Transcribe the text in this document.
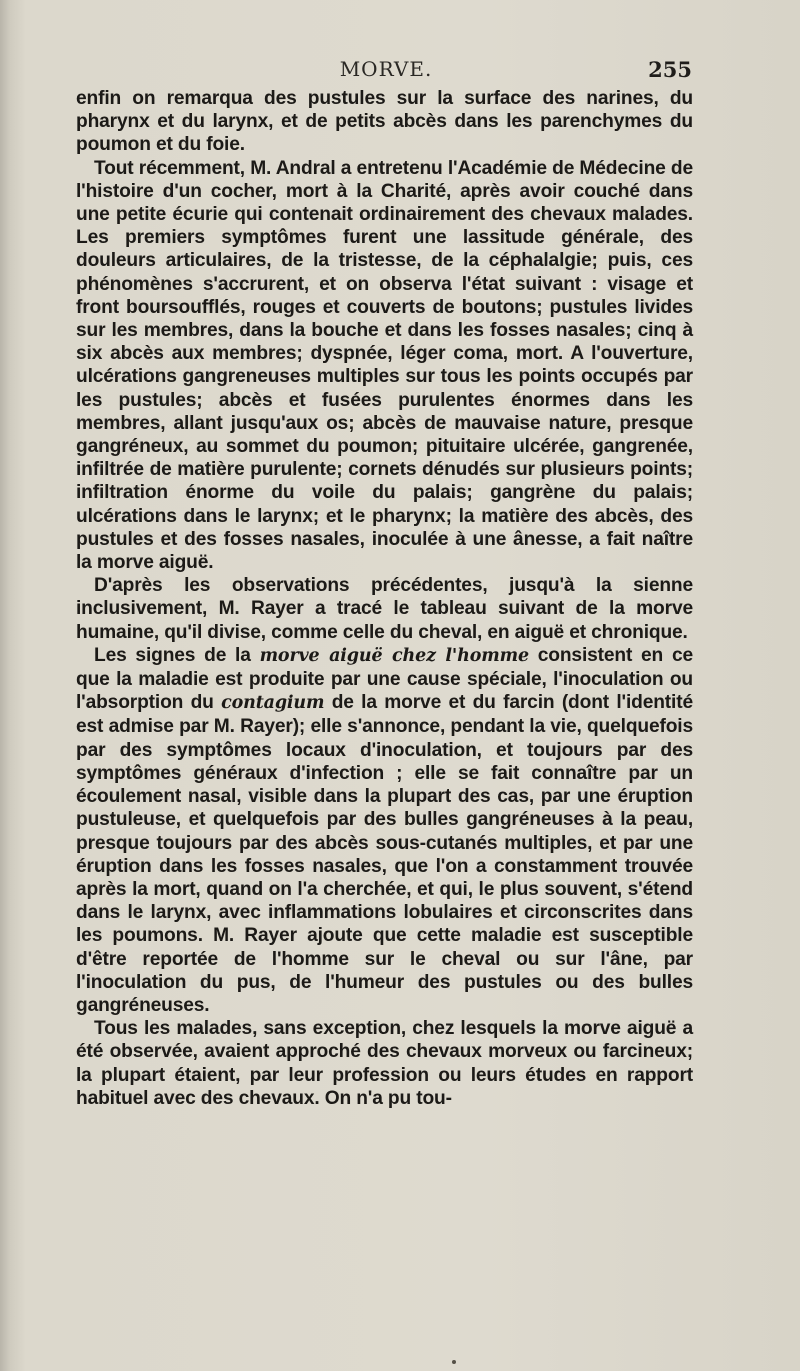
MORVE.	255

enfin on remarqua des pustules sur la surface des narines, du pharynx et du larynx, et de petits abcès dans les parenchymes du poumon et du foie.

Tout récemment, M. Andral a entretenu l'Académie de Médecine de l'histoire d'un cocher, mort à la Charité, après avoir couché dans une petite écurie qui contenait ordinairement des chevaux malades. Les premiers symptômes furent une lassitude générale, des douleurs articulaires, de la tristesse, de la céphalalgie; puis, ces phénomènes s'accrurent, et on observa l'état suivant : visage et front boursoufflés, rouges et couverts de boutons; pustules livides sur les membres, dans la bouche et dans les fosses nasales; cinq à six abcès aux membres; dyspnée, léger coma, mort. A l'ouverture, ulcérations gangreneuses multiples sur tous les points occupés par les pustules; abcès et fusées purulentes énormes dans les membres, allant jusqu'aux os; abcès de mauvaise nature, presque gangréneux, au sommet du poumon; pituitaire ulcérée, gangrenée, infiltrée de matière purulente; cornets dénudés sur plusieurs points; infiltration énorme du voile du palais; gangrène du palais; ulcérations dans le larynx; et le pharynx; la matière des abcès, des pustules et des fosses nasales, inoculée à une ânesse, a fait naître la morve aiguë.

D'après les observations précédentes, jusqu'à la sienne inclusivement, M. Rayer a tracé le tableau suivant de la morve humaine, qu'il divise, comme celle du cheval, en aiguë et chronique.

Les signes de la morve aiguë chez l'homme consistent en ce que la maladie est produite par une cause spéciale, l'inoculation ou l'absorption du contagium de la morve et du farcin (dont l'identité est admise par M. Rayer); elle s'annonce, pendant la vie, quelquefois par des symptômes locaux d'inoculation, et toujours par des symptômes généraux d'infection ; elle se fait connaître par un écoulement nasal, visible dans la plupart des cas, par une éruption pustuleuse, et quelquefois par des bulles gangréneuses à la peau, presque toujours par des abcès sous-cutanés multiples, et par une éruption dans les fosses nasales, que l'on a constamment trouvée après la mort, quand on l'a cherchée, et qui, le plus souvent, s'étend dans le larynx, avec inflammations lobulaires et circonscrites dans les poumons. M. Rayer ajoute que cette maladie est susceptible d'être reportée de l'homme sur le cheval ou sur l'âne, par l'inoculation du pus, de l'humeur des pustules ou des bulles gangréneuses.

Tous les malades, sans exception, chez lesquels la morve aiguë a été observée, avaient approché des chevaux morveux ou farcineux; la plupart étaient, par leur profession ou leurs études en rapport habituel avec des chevaux. On n'a pu tou-
